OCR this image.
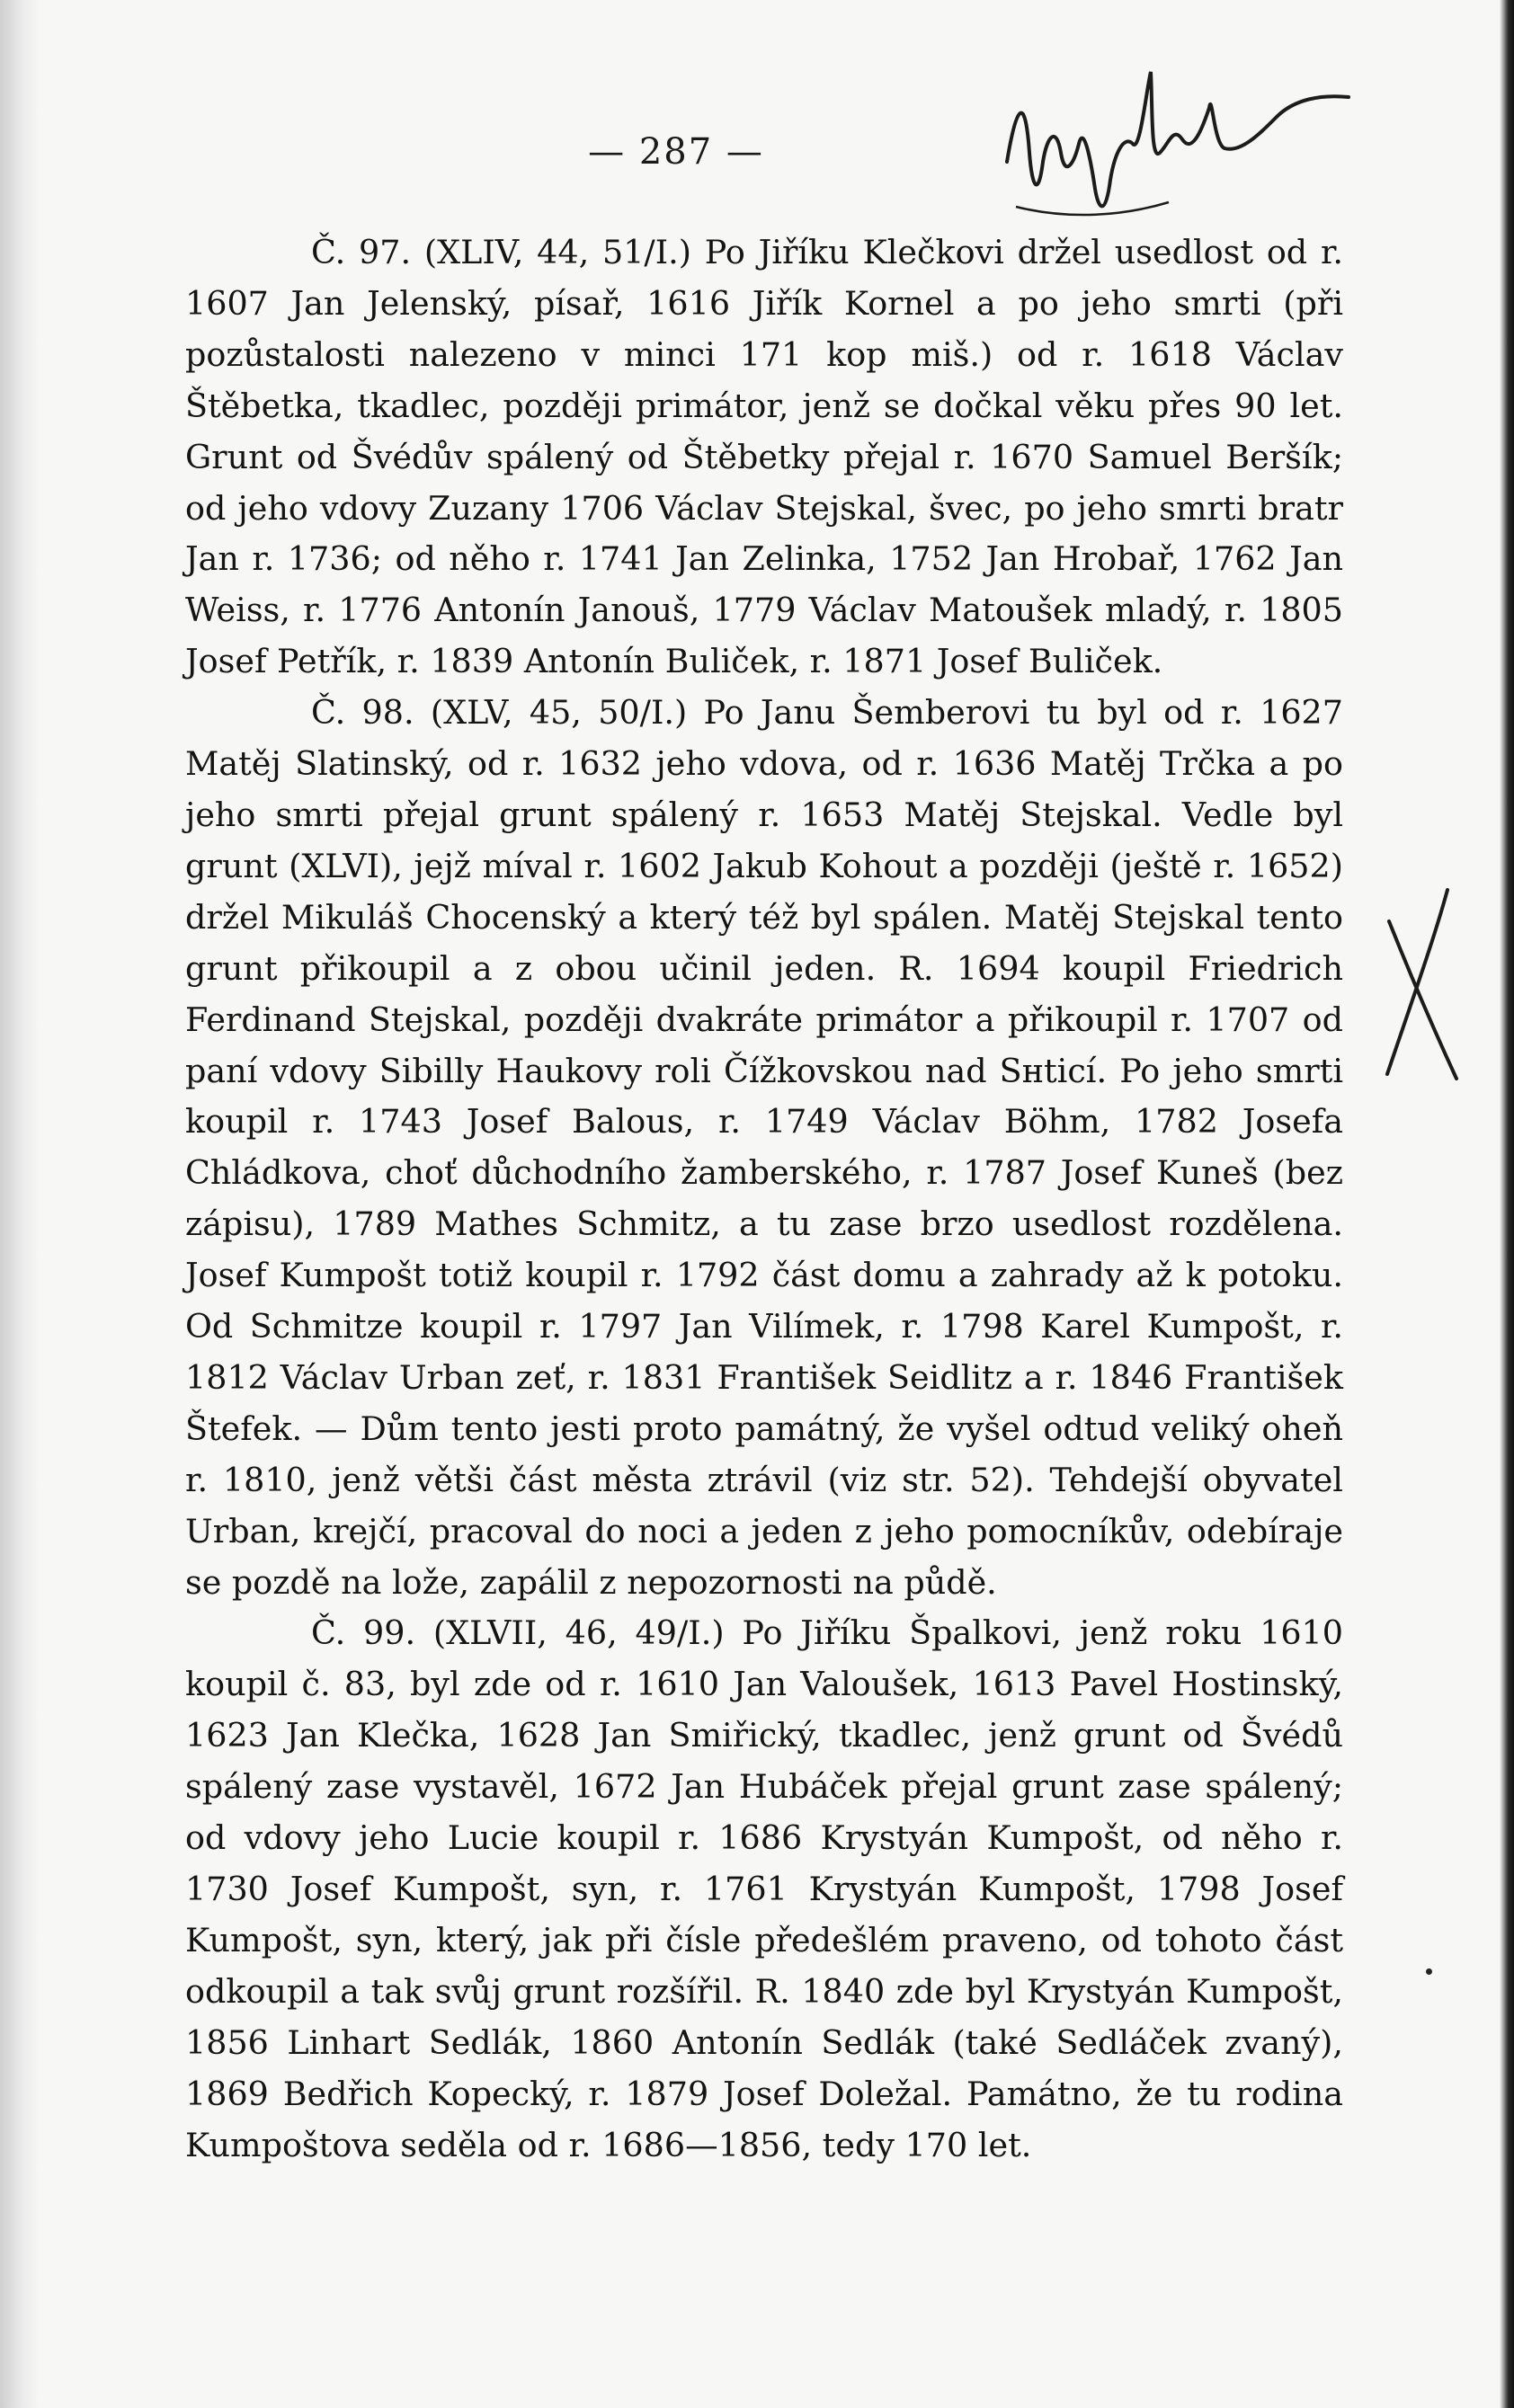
— 287 —

Č. 97. (XLIV, 44, 51/I.) Po Jiříku Klečkovi držel usedlost od r. 1607 Jan Jelenský, písař, 1616 Jiřík Kornel a po jeho smrti (při pozůstalosti nalezeno v minci 171 kop miš.) od r. 1618 Václav Štěbetka, tkadlec, později primátor, jenž se dočkal věku přes 90 let. Grunt od Švédův spálený od Štěbetky přejal r. 1670 Samuel Beršík; od jeho vdovy Zuzany 1706 Václav Stejskal, švec, po jeho smrti bratr Jan r. 1736; od něho r. 1741 Jan Zelinka, 1752 Jan Hrobař, 1762 Jan Weiss, r. 1776 Antonín Janouš, 1779 Václav Matoušek mladý, r. 1805 Josef Petřík, r. 1839 Antonín Buliček, r. 1871 Josef Buliček.

Č. 98. (XLV, 45, 50/I.) Po Janu Šemberovi tu byl od r. 1627 Matěj Slatinský, od r. 1632 jeho vdova, od r. 1636 Matěj Trčka a po jeho smrti přejal grunt spálený r. 1653 Matěj Stejskal. Vedle byl grunt (XLVI), jejž míval r. 1602 Jakub Kohout a později (ještě r. 1652) držel Mikuláš Chocenský a který též byl spálen. Matěj Stejskal tento grunt přikoupil a z obou učinil jeden. R. 1694 koupil Friedrich Ferdinand Stejskal, později dvakráte primátor a přikoupil r. 1707 od paní vdovy Sibilly Haukovy roli Čížkovskou nad Sнticí. Po jeho smrti koupil r. 1743 Josef Balous, r. 1749 Václav Böhm, 1782 Josefa Chládkova, choť důchodního žamberského, r. 1787 Josef Kuneš (bez zápisu), 1789 Mathes Schmitz, a tu zase brzo usedlost rozdělena. Josef Kumpošt totiž koupil r. 1792 část domu a zahrady až k potoku. Od Schmitze koupil r. 1797 Jan Vilímek, r. 1798 Karel Kumpošt, r. 1812 Václav Urban zeť, r. 1831 František Seidlitz a r. 1846 František Štefek. — Dům tento jesti proto památný, že vyšel odtud veliký oheň r. 1810, jenž větši část města ztrávil (viz str. 52). Tehdejší obyvatel Urban, krejčí, pracoval do noci a jeden z jeho pomocníkův, odebíraje se pozdě na lože, zapálil z nepozornosti na půdě.

Č. 99. (XLVII, 46, 49/I.) Po Jiříku Špalkovi, jenž roku 1610 koupil č. 83, byl zde od r. 1610 Jan Valoušek, 1613 Pavel Hostinský, 1623 Jan Klečka, 1628 Jan Smiřický, tkadlec, jenž grunt od Švédů spálený zase vystavěl, 1672 Jan Hubáček přejal grunt zase spálený; od vdovy jeho Lucie koupil r. 1686 Krystyán Kumpošt, od něho r. 1730 Josef Kumpošt, syn, r. 1761 Krystyán Kumpošt, 1798 Josef Kumpošt, syn, který, jak při čísle předešlém praveno, od tohoto část odkoupil a tak svůj grunt rozšířil. R. 1840 zde byl Krystyán Kumpošt, 1856 Linhart Sedlák, 1860 Antonín Sedlák (také Sedláček zvaný), 1869 Bedřich Kopecký, r. 1879 Josef Doležal. Památno, že tu rodina Kumpoštova seděla od r. 1686—1856, tedy 170 let.
